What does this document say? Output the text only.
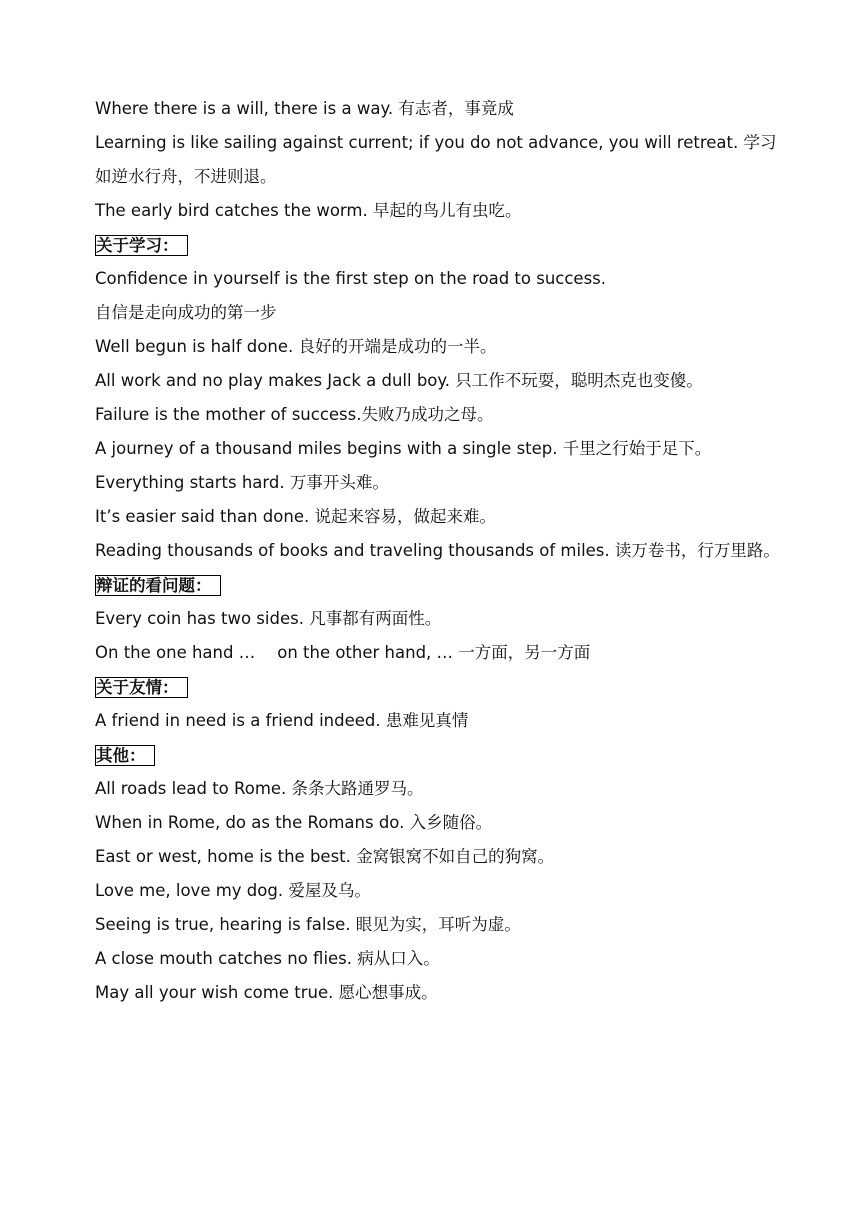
Where there is a will, there is a way. 有志者，事竟成
Learning is like sailing against current; if you do not advance, you will retreat. 学习如逆水行舟，不进则退。
The early bird catches the worm. 早起的鸟儿有虫吃。
关于学习：
Confidence in yourself is the first step on the road to success.
自信是走向成功的第一步
Well begun is half done. 良好的开端是成功的一半。
All work and no play makes Jack a dull boy. 只工作不玩耍，聪明杰克也变傻。
Failure is the mother of success.失败乃成功之母。
A journey of a thousand miles begins with a single step. 千里之行始于足下。
Everything starts hard. 万事开头难。
It’s easier said than done. 说起来容易，做起来难。
Reading thousands of books and traveling thousands of miles. 读万卷书，行万里路。
辩证的看问题：
Every coin has two sides. 凡事都有两面性。
On the one hand … on the other hand, … 一方面，另一方面
关于友情：
A friend in need is a friend indeed. 患难见真情
其他：
All roads lead to Rome. 条条大路通罗马。
When in Rome, do as the Romans do. 入乡随俗。
East or west, home is the best. 金窝银窝不如自己的狗窝。
Love me, love my dog. 爱屋及乌。
Seeing is true, hearing is false. 眼见为实，耳听为虚。
A close mouth catches no flies. 病从口入。
May all your wish come true. 愿心想事成。
